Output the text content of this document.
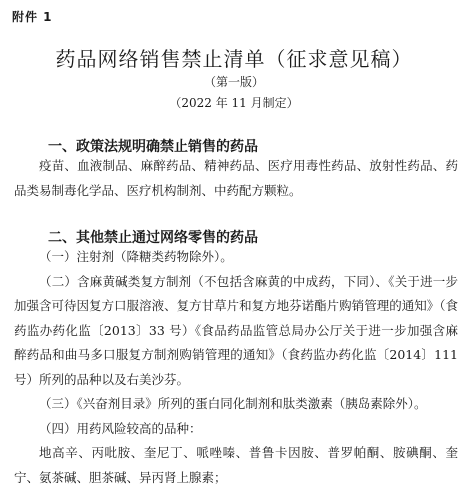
附件 1
药品网络销售禁止清单（征求意见稿）
（第一版）
（2022 年 11 月制定）
一、政策法规明确禁止销售的药品

疫苗、血液制品、麻醉药品、精神药品、医疗用毒性药品、放射性药品、药品类易制毒化学品、医疗机构制剂、中药配方颗粒。

二、其他禁止通过网络零售的药品

（一）注射剂（降糖类药物除外）。

（二）含麻黄碱类复方制剂（不包括含麻黄的中成药，下同）、《关于进一步加强含可待因复方口服溶液、复方甘草片和复方地芬诺酯片购销管理的通知》（食药监办药化监〔2013〕33 号）《食品药品监管总局办公厅关于进一步加强含麻醉药品和曲马多口服复方制剂购销管理的通知》（食药监办药化监〔2014〕111 号）所列的品种以及右美沙芬。

（三）《兴奋剂目录》所列的蛋白同化制剂和肽类激素（胰岛素除外）。

（四）用药风险较高的品种：

地高辛、丙吡胺、奎尼丁、哌唑嗪、普鲁卡因胺、普罗帕酮、胺碘酮、奎宁、氨茶碱、胆茶碱、异丙肾上腺素；
